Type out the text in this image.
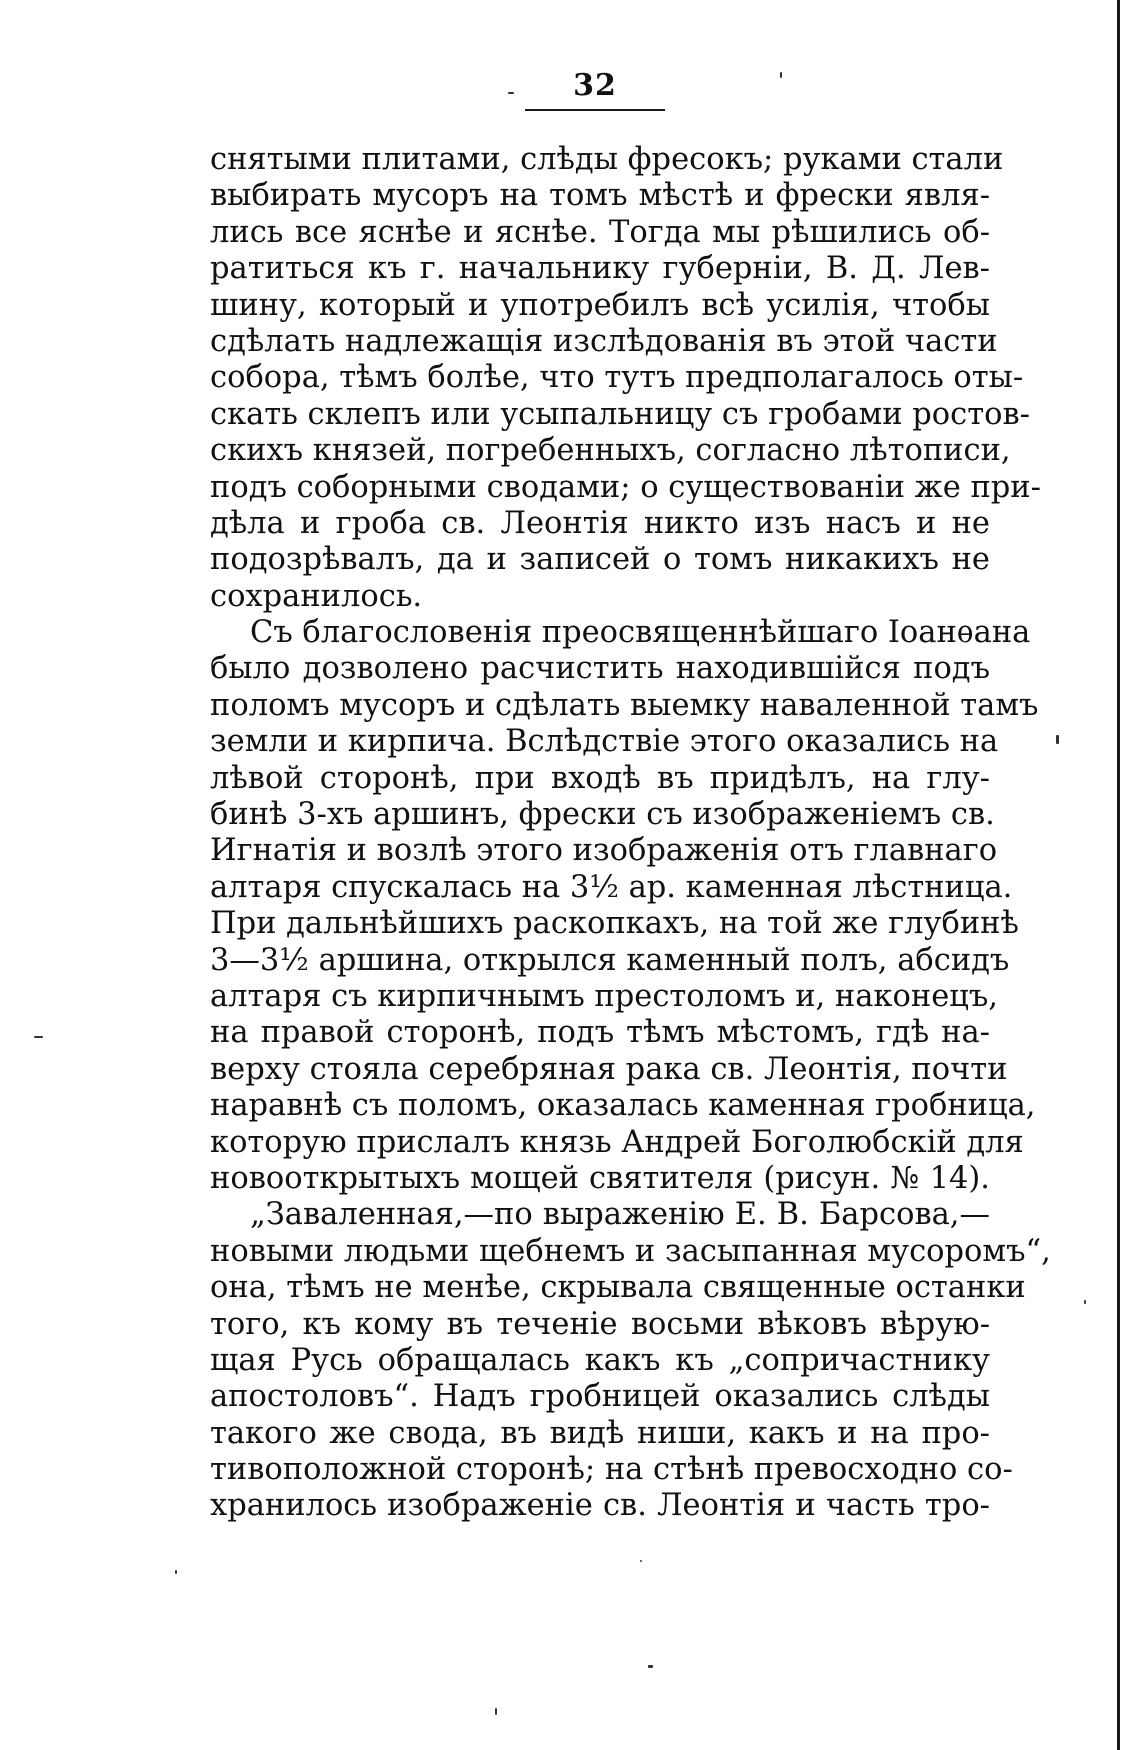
32
снятыми плитами, слѣды фресокъ; руками стали
выбирать мусоръ на томъ мѣстѣ и фрески явля-
лись все яснѣе и яснѣе. Тогда мы рѣшились об-
ратиться къ г. начальнику губерніи, В. Д. Лев-
шину, который и употребилъ всѣ усилія, чтобы
сдѣлать надлежащія изслѣдованія въ этой части
собора, тѣмъ болѣе, что тутъ предполагалось оты-
скать склепъ или усыпальницу съ гробами ростов-
скихъ князей, погребенныхъ, согласно лѣтописи,
подъ соборными сводами; о существованіи же при-
дѣла и гроба св. Леонтія никто изъ насъ и не
подозрѣвалъ, да и записей о томъ никакихъ не
сохранилось.
Съ благословенія преосвященнѣйшаго Іоанѳана
было дозволено расчистить находившійся подъ
поломъ мусоръ и сдѣлать выемку наваленной тамъ
земли и кирпича. Вслѣдствіе этого оказались на
лѣвой сторонѣ, при входѣ въ придѣлъ, на глу-
бинѣ 3-хъ аршинъ, фрески съ изображеніемъ св.
Игнатія и возлѣ этого изображенія отъ главнаго
алтаря спускалась на 3½ ар. каменная лѣстница.
При дальнѣйшихъ раскопкахъ, на той же глубинѣ
3—3½ аршина, открылся каменный полъ, абсидъ
алтаря съ кирпичнымъ престоломъ и, наконецъ,
на правой сторонѣ, подъ тѣмъ мѣстомъ, гдѣ на-
верху стояла серебряная рака св. Леонтія, почти
наравнѣ съ поломъ, оказалась каменная гробница,
которую прислалъ князь Андрей Боголюбскій для
новооткрытыхъ мощей святителя (рисун. № 14).
„Заваленная,—по выраженію Е. В. Барсова,—
новыми людьми щебнемъ и засыпанная мусоромъ“,
она, тѣмъ не менѣе, скрывала священные останки
того, къ кому въ теченіе восьми вѣковъ вѣрую-
щая Русь обращалась какъ къ „сопричастнику
апостоловъ“. Надъ гробницей оказались слѣды
такого же свода, въ видѣ ниши, какъ и на про-
тивоположной сторонѣ; на стѣнѣ превосходно со-
хранилось изображеніе св. Леонтія и часть тро-
